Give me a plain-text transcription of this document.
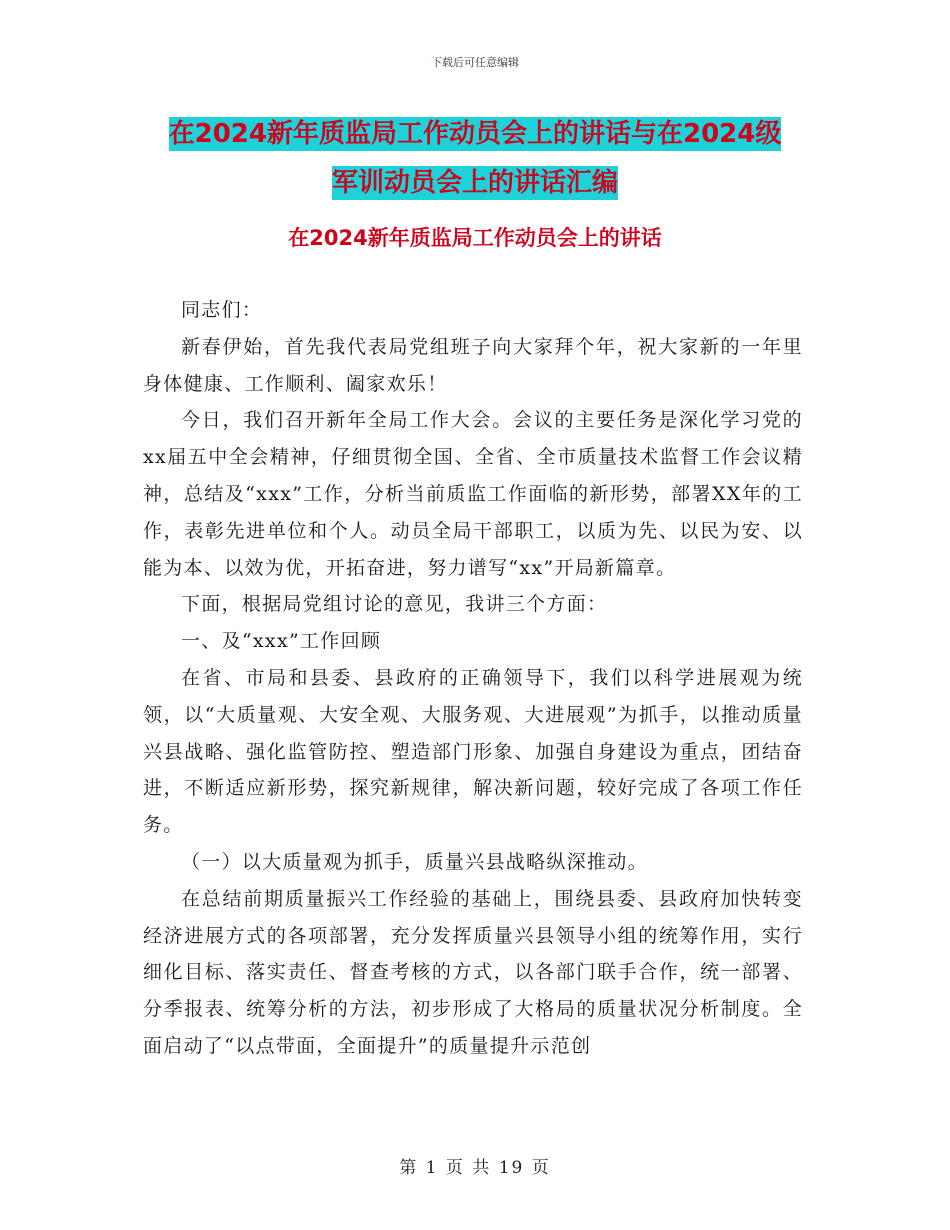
下载后可任意编辑
在2024新年质监局工作动员会上的讲话与在2024级
军训动员会上的讲话汇编
在2024新年质监局工作动员会上的讲话

同志们：

新春伊始，首先我代表局党组班子向大家拜个年，祝大家新的一年里身体健康、工作顺利、阖家欢乐！

今日，我们召开新年全局工作大会。会议的主要任务是深化学习党的xx届五中全会精神，仔细贯彻全国、全省、全市质量技术监督工作会议精神，总结及“xxx”工作，分析当前质监工作面临的新形势，部署XX年的工作，表彰先进单位和个人。动员全局干部职工，以质为先、以民为安、以能为本、以效为优，开拓奋进，努力谱写“xx”开局新篇章。

下面，根据局党组讨论的意见，我讲三个方面：

一、及“xxx”工作回顾

在省、市局和县委、县政府的正确领导下，我们以科学进展观为统领，以“大质量观、大安全观、大服务观、大进展观”为抓手，以推动质量兴县战略、强化监管防控、塑造部门形象、加强自身建设为重点，团结奋进，不断适应新形势，探究新规律，解决新问题，较好完成了各项工作任务。

（一）以大质量观为抓手，质量兴县战略纵深推动。

在总结前期质量振兴工作经验的基础上，围绕县委、县政府加快转变经济进展方式的各项部署，充分发挥质量兴县领导小组的统筹作用，实行细化目标、落实责任、督查考核的方式，以各部门联手合作，统一部署、分季报表、统筹分析的方法，初步形成了大格局的质量状况分析制度。全面启动了“以点带面，全面提升”的质量提升示范创

第 1 页 共 19 页
